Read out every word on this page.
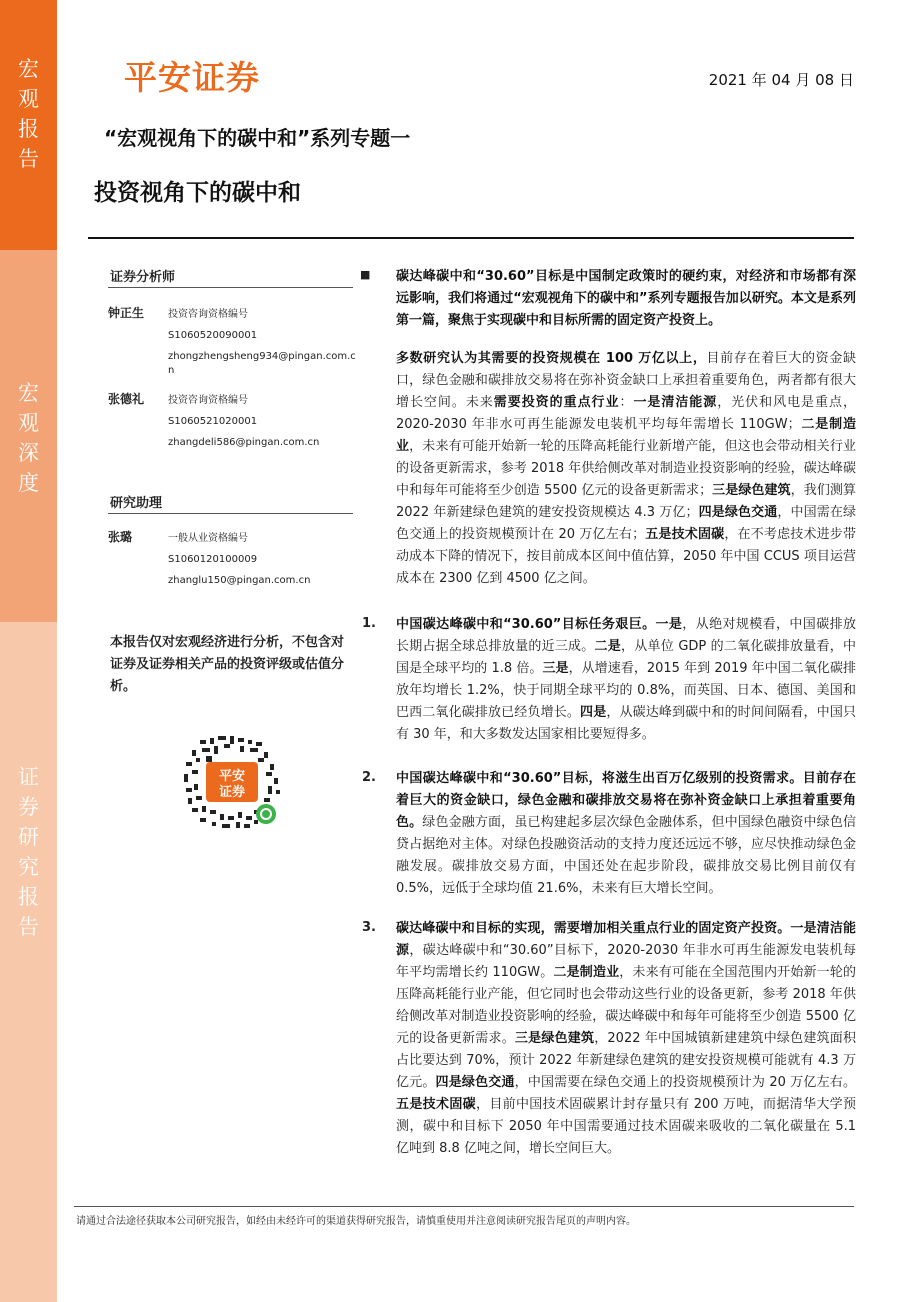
宏
观
报
告
宏
观
深
度
证
券
研
究
报
告
平安证券	2021 年 04 月 08 日
“宏观视角下的碳中和”系列专题一
投资视角下的碳中和
证券分析师
钟正生 投资咨询资格编号
S1060520090001
zhongzhengsheng934@pingan.com.c
n
张德礼 投资咨询资格编号
S1060521020001
zhangdeli586@pingan.com.cn
研究助理
张璐	一般从业资格编号
S1060120100009
zhanglu150@pingan.com.cn
本报告仅对宏观经济进行分析，不包含对证券及证券相关产品的投资评级或估值分析。
平安
证券
■ 碳达峰碳中和“30.60”目标是中国制定政策时的硬约束，对经济和市场都有深远影响，我们将通过“宏观视角下的碳中和”系列专题报告加以研究。本文是系列第一篇，聚焦于实现碳中和目标所需的固定资产投资上。
多数研究认为其需要的投资规模在 100 万亿以上，目前存在着巨大的资金缺口，绿色金融和碳排放交易将在弥补资金缺口上承担着重要角色，两者都有很大增长空间。未来需要投资的重点行业：一是清洁能源，光伏和风电是重点，2020-2030 年非水可再生能源发电装机平均每年需增长 110GW；二是制造业，未来有可能开始新一轮的压降高耗能行业新增产能，但这也会带动相关行业的设备更新需求，参考 2018 年供给侧改革对制造业投资影响的经验，碳达峰碳中和每年可能将至少创造 5500 亿元的设备更新需求；三是绿色建筑，我们测算 2022 年新建绿色建筑的建安投资规模达 4.3 万亿；四是绿色交通，中国需在绿色交通上的投资规模预计在 20 万亿左右；五是技术固碳，在不考虑技术进步带动成本下降的情况下，按目前成本区间中值估算，2050 年中国 CCUS 项目运营成本在 2300 亿到 4500 亿之间。
1. 中国碳达峰碳中和“30.60”目标任务艰巨。一是，从绝对规模看，中国碳排放长期占据全球总排放量的近三成。二是，从单位 GDP 的二氧化碳排放量看，中国是全球平均的 1.8 倍。三是，从增速看，2015 年到 2019 年中国二氧化碳排放年均增长 1.2%，快于同期全球平均的 0.8%，而英国、日本、德国、美国和巴西二氧化碳排放已经负增长。四是，从碳达峰到碳中和的时间间隔看，中国只有 30 年，和大多数发达国家相比要短得多。
2. 中国碳达峰碳中和“30.60”目标，将滋生出百万亿级别的投资需求。目前存在着巨大的资金缺口，绿色金融和碳排放交易将在弥补资金缺口上承担着重要角色。绿色金融方面，虽已构建起多层次绿色金融体系，但中国绿色融资中绿色信贷占据绝对主体。对绿色投融资活动的支持力度还远远不够，应尽快推动绿色金融发展。碳排放交易方面，中国还处在起步阶段，碳排放交易比例目前仅有 0.5%，远低于全球均值 21.6%，未来有巨大增长空间。
3. 碳达峰碳中和目标的实现，需要增加相关重点行业的固定资产投资。一是清洁能源，碳达峰碳中和“30.60”目标下，2020-2030 年非水可再生能源发电装机每年平均需增长约 110GW。二是制造业，未来有可能在全国范围内开始新一轮的压降高耗能行业产能，但它同时也会带动这些行业的设备更新，参考 2018 年供给侧改革对制造业投资影响的经验，碳达峰碳中和每年可能将至少创造 5500 亿元的设备更新需求。三是绿色建筑，2022 年中国城镇新建建筑中绿色建筑面积占比要达到 70%，预计 2022 年新建绿色建筑的建安投资规模可能就有 4.3 万亿元。四是绿色交通，中国需要在绿色交通上的投资规模预计为 20 万亿左右。五是技术固碳，目前中国技术固碳累计封存量只有 200 万吨，而据清华大学预测，碳中和目标下 2050 年中国需要通过技术固碳来吸收的二氧化碳量在 5.1 亿吨到 8.8 亿吨之间，增长空间巨大。
请通过合法途径获取本公司研究报告，如经由未经许可的渠道获得研究报告，请慎重使用并注意阅读研究报告尾页的声明内容。
